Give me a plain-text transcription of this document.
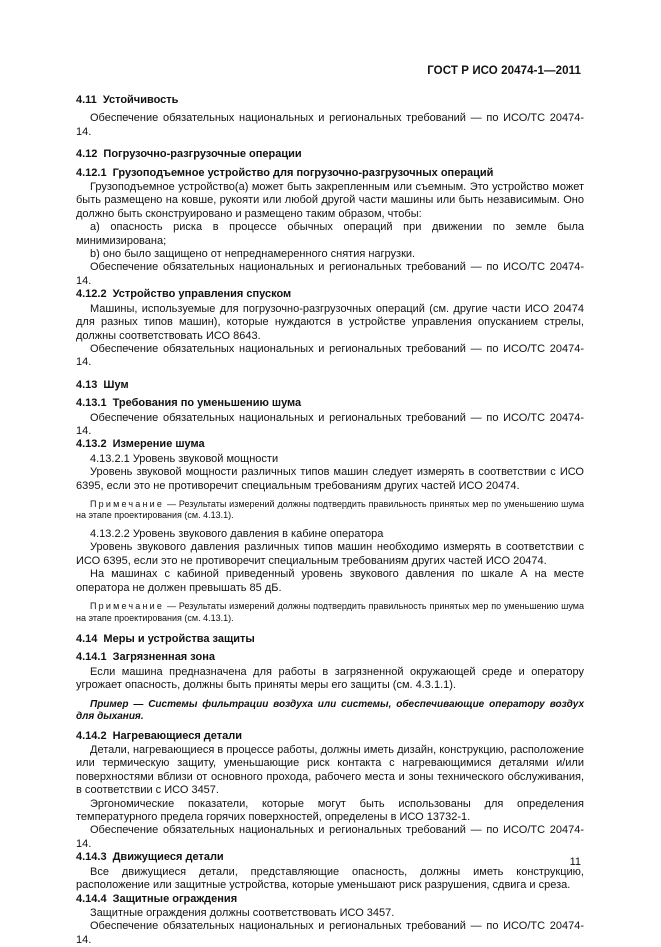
ГОСТ Р ИСО 20474-1—2011
4.11 Устойчивость

Обеспечение обязательных национальных и региональных требований — по ИСО/ТС 20474-14.

4.12 Погрузочно-разгрузочные операции
4.12.1 Грузоподъемное устройство для погрузочно-разгрузочных операций

Грузоподъемное устройство(а) может быть закрепленным или съемным. Это устройство может быть размещено на ковше, рукояти или любой другой части машины или быть независимым. Оно должно быть сконструировано и размещено таким образом, чтобы:

а) опасность риска в процессе обычных операций при движении по земле была минимизирована;
b) оно было защищено от непреднамеренного снятия нагрузки.

Обеспечение обязательных национальных и региональных требований — по ИСО/ТС 20474-14.

4.12.2 Устройство управления спуском

Машины, используемые для погрузочно-разгрузочных операций (см. другие части ИСО 20474 для разных типов машин), которые нуждаются в устройстве управления опусканием стрелы, должны соответствовать ИСО 8643.

Обеспечение обязательных национальных и региональных требований — по ИСО/ТС 20474-14.

4.13 Шум
4.13.1 Требования по уменьшению шума

Обеспечение обязательных национальных и региональных требований — по ИСО/ТС 20474-14.

4.13.2 Измерение шума

4.13.2.1 Уровень звуковой мощности

Уровень звуковой мощности различных типов машин следует измерять в соответствии с ИСО 6395, если это не противоречит специальным требованиям других частей ИСО 20474.

Примечание — Результаты измерений должны подтвердить правильность принятых мер по уменьшению шума на этапе проектирования (см. 4.13.1).

4.13.2.2 Уровень звукового давления в кабине оператора

Уровень звукового давления различных типов машин необходимо измерять в соответствии с ИСО 6395, если это не противоречит специальным требованиям других частей ИСО 20474.

На машинах с кабиной приведенный уровень звукового давления по шкале А на месте оператора не должен превышать 85 дБ.

Примечание — Результаты измерений должны подтвердить правильность принятых мер по уменьшению шума на этапе проектирования (см. 4.13.1).
4.14 Меры и устройства защиты
4.14.1 Загрязненная зона

Если машина предназначена для работы в загрязненной окружающей среде и оператору угрожает опасность, должны быть приняты меры его защиты (см. 4.3.1.1).

Пример — Системы фильтрации воздуха или системы, обеспечивающие оператору воздух для дыхания.
4.14.2 Нагревающиеся детали

Детали, нагревающиеся в процессе работы, должны иметь дизайн, конструкцию, расположение или термическую защиту, уменьшающие риск контакта с нагревающимися деталями и/или поверхностями вблизи от основного прохода, рабочего места и зоны технического обслуживания, в соответствии с ИСО 3457.

Эргономические показатели, которые могут быть использованы для определения температурного предела горячих поверхностей, определены в ИСО 13732-1.

Обеспечение обязательных национальных и региональных требований — по ИСО/ТС 20474-14.

4.14.3 Движущиеся детали

Все движущиеся детали, представляющие опасность, должны иметь конструкцию, расположение или защитные устройства, которые уменьшают риск разрушения, сдвига и среза.

4.14.4 Защитные ограждения

Защитные ограждения должны соответствовать ИСО 3457.

Обеспечение обязательных национальных и региональных требований — по ИСО/ТС 20474-14.

11
